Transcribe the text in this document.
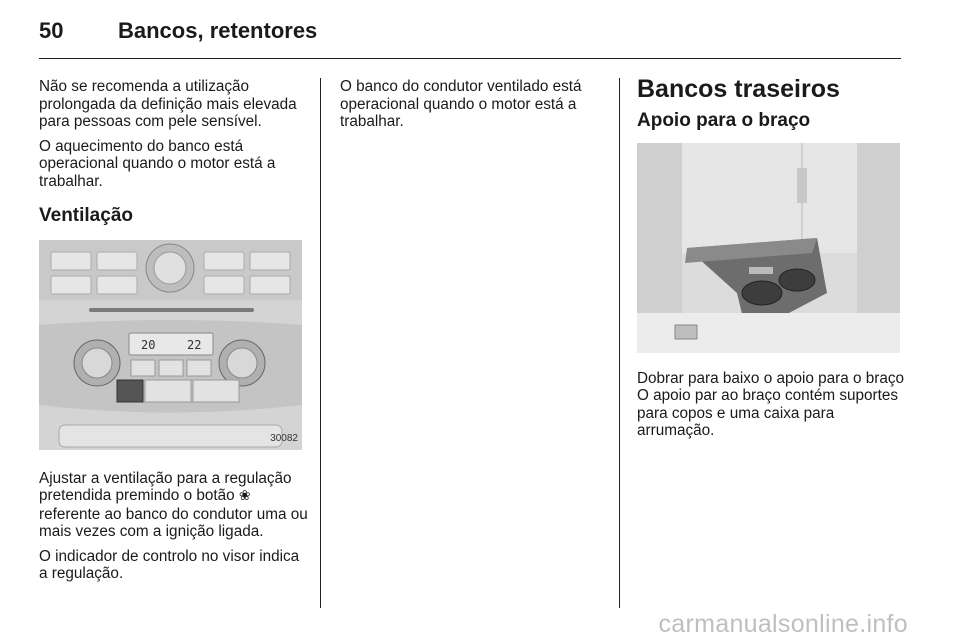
50 Bancos, retentores

Não se recomenda a utilização prolongada da definição mais elevada para pessoas com pele sensível.

O aquecimento do banco está operacional quando o motor está a trabalhar.

Ventilação
20	22
30082

Ajustar a ventilação para a regulação pretendida premindo o botão ❀ referente ao banco do condutor uma ou mais vezes com a ignição ligada.

O indicador de controlo no visor indica a regulação.

O banco do condutor ventilado está operacional quando o motor está a trabalhar.

Bancos traseiros
Apoio para o braço

Dobrar para baixo o apoio para o braço O apoio par ao braço contém suportes para copos e uma caixa para arrumação.

carmanualsonline.info
